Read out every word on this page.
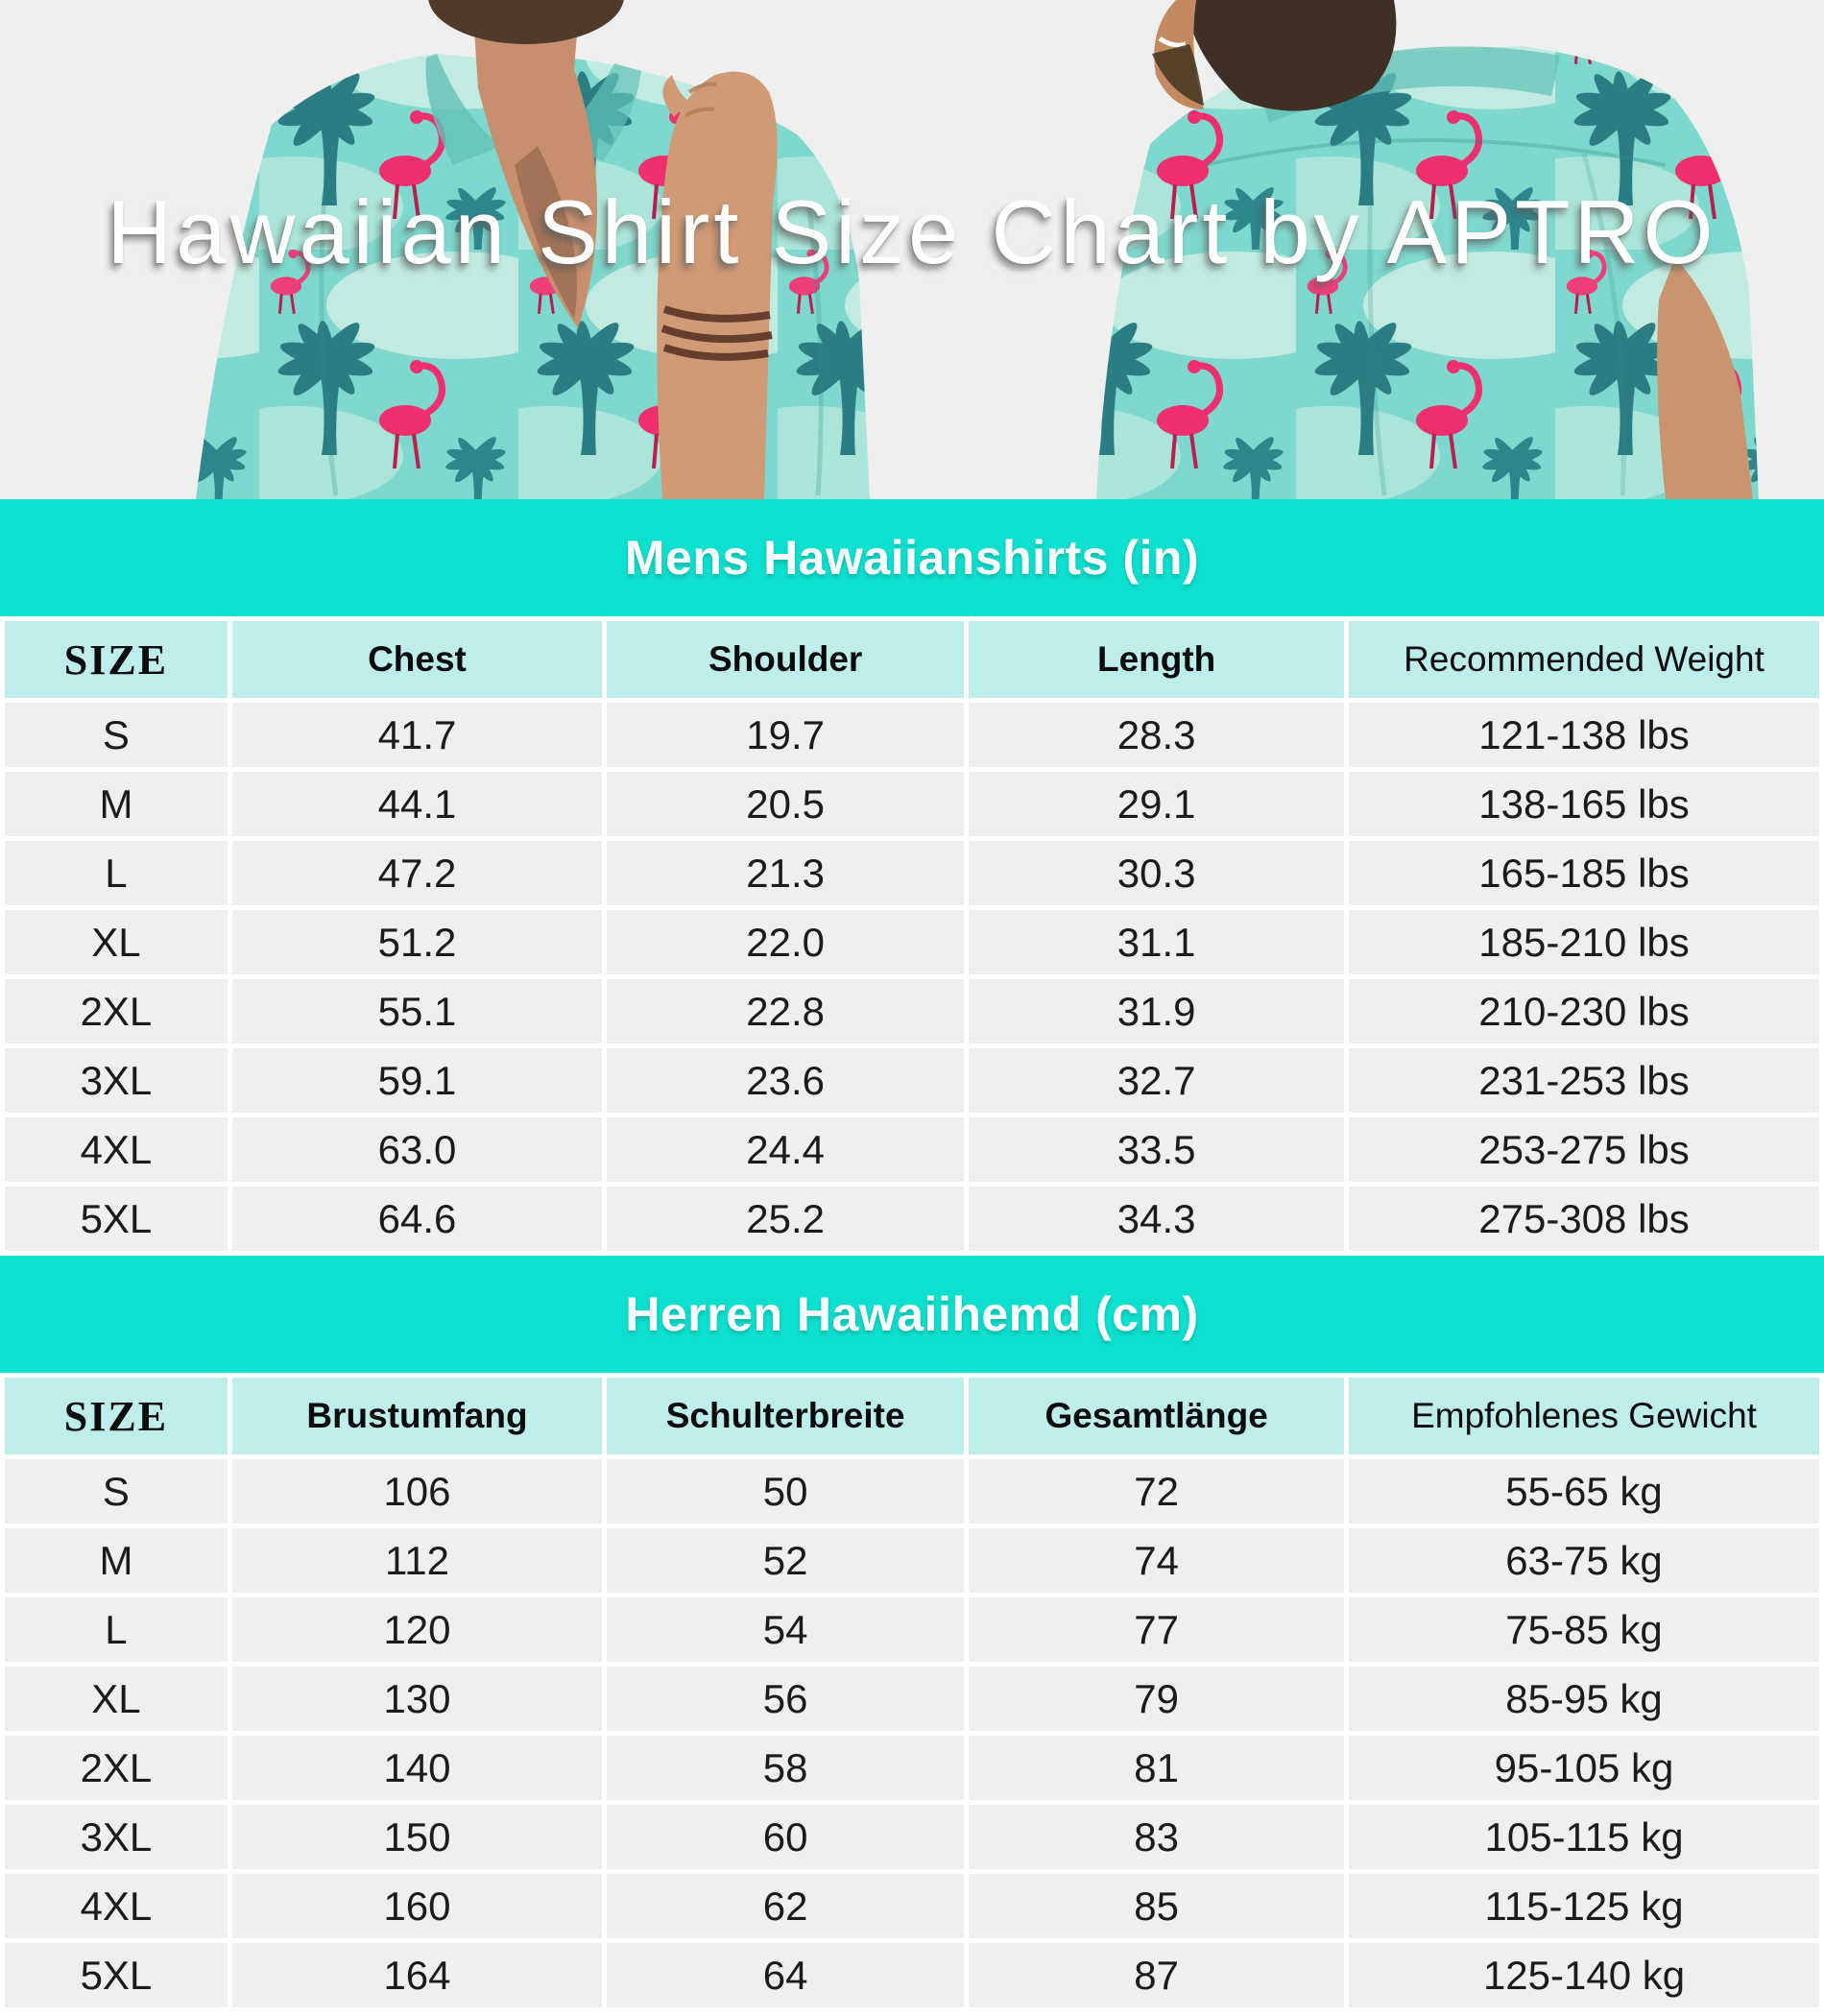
Hawaiian Shirt Size Chart by APTRO
Mens Hawaiianshirts (in)
SIZE	Chest	Shoulder	Length	Recommended Weight
S	41.7	19.7	28.3	121-138 lbs
M	44.1	20.5	29.1	138-165 lbs
L	47.2	21.3	30.3	165-185 lbs
XL	51.2	22.0	31.1	185-210 lbs
2XL	55.1	22.8	31.9	210-230 lbs
3XL	59.1	23.6	32.7	231-253 lbs
4XL	63.0	24.4	33.5	253-275 lbs
5XL	64.6	25.2	34.3	275-308 lbs
Herren Hawaiihemd (cm)
SIZE	Brustumfang	Schulterbreite	Gesamtlänge	Empfohlenes Gewicht
S	106	50	72	55-65 kg
M	112	52	74	63-75 kg
L	120	54	77	75-85 kg
XL	130	56	79	85-95 kg
2XL	140	58	81	95-105 kg
3XL	150	60	83	105-115 kg
4XL	160	62	85	115-125 kg
5XL	164	64	87	125-140 kg
